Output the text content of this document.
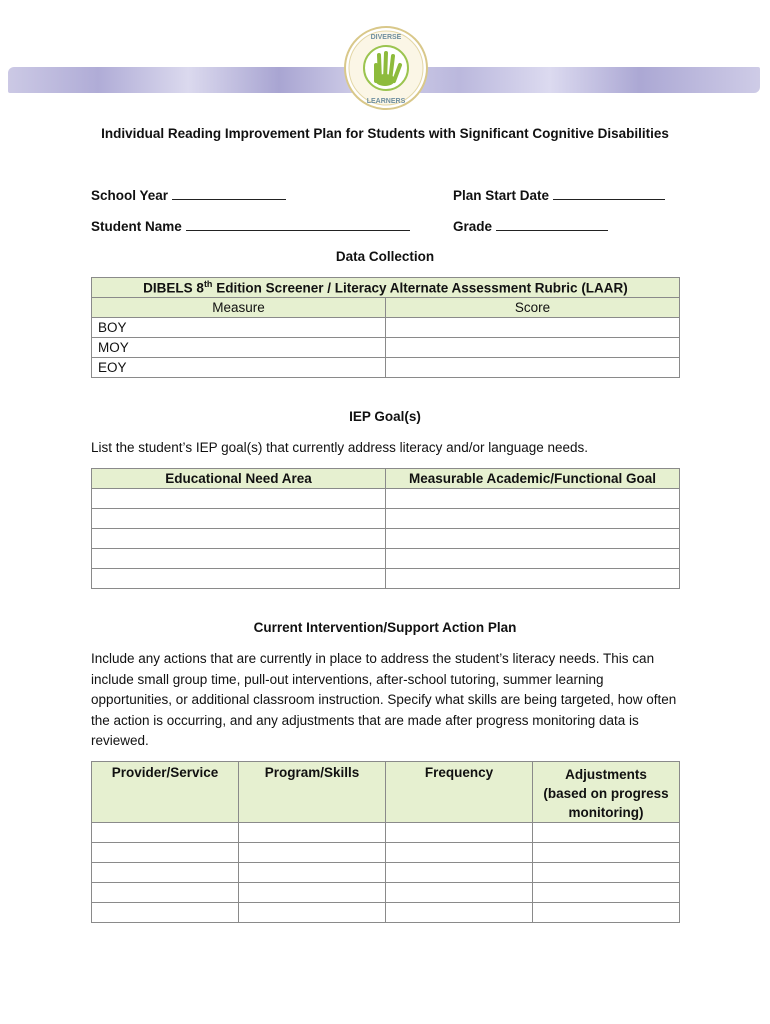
DIVERSE
LEARNERS
Individual Reading Improvement Plan for Students with Significant Cognitive Disabilities
School Year	Plan Start Date
Student Name	Grade
Data Collection
DIBELS 8th Edition Screener / Literacy Alternate Assessment Rubric (LAAR)	
Measure	Score
BOY	
MOY	
EOY	
IEP Goal(s)
List the student’s IEP goal(s) that currently address literacy and/or language needs.
Educational Need Area	Measurable Academic/Functional Goal

Current Intervention/Support Action Plan
Include any actions that are currently in place to address the student’s literacy needs. This can include small group time, pull-out interventions, after-school tutoring, summer learning opportunities, or additional classroom instruction. Specify what skills are being targeted, how often the action is occurring, and any adjustments that are made after progress monitoring data is reviewed.
Provider/Service	Program/Skills	Frequency	Adjustments
(based on progress
monitoring)
